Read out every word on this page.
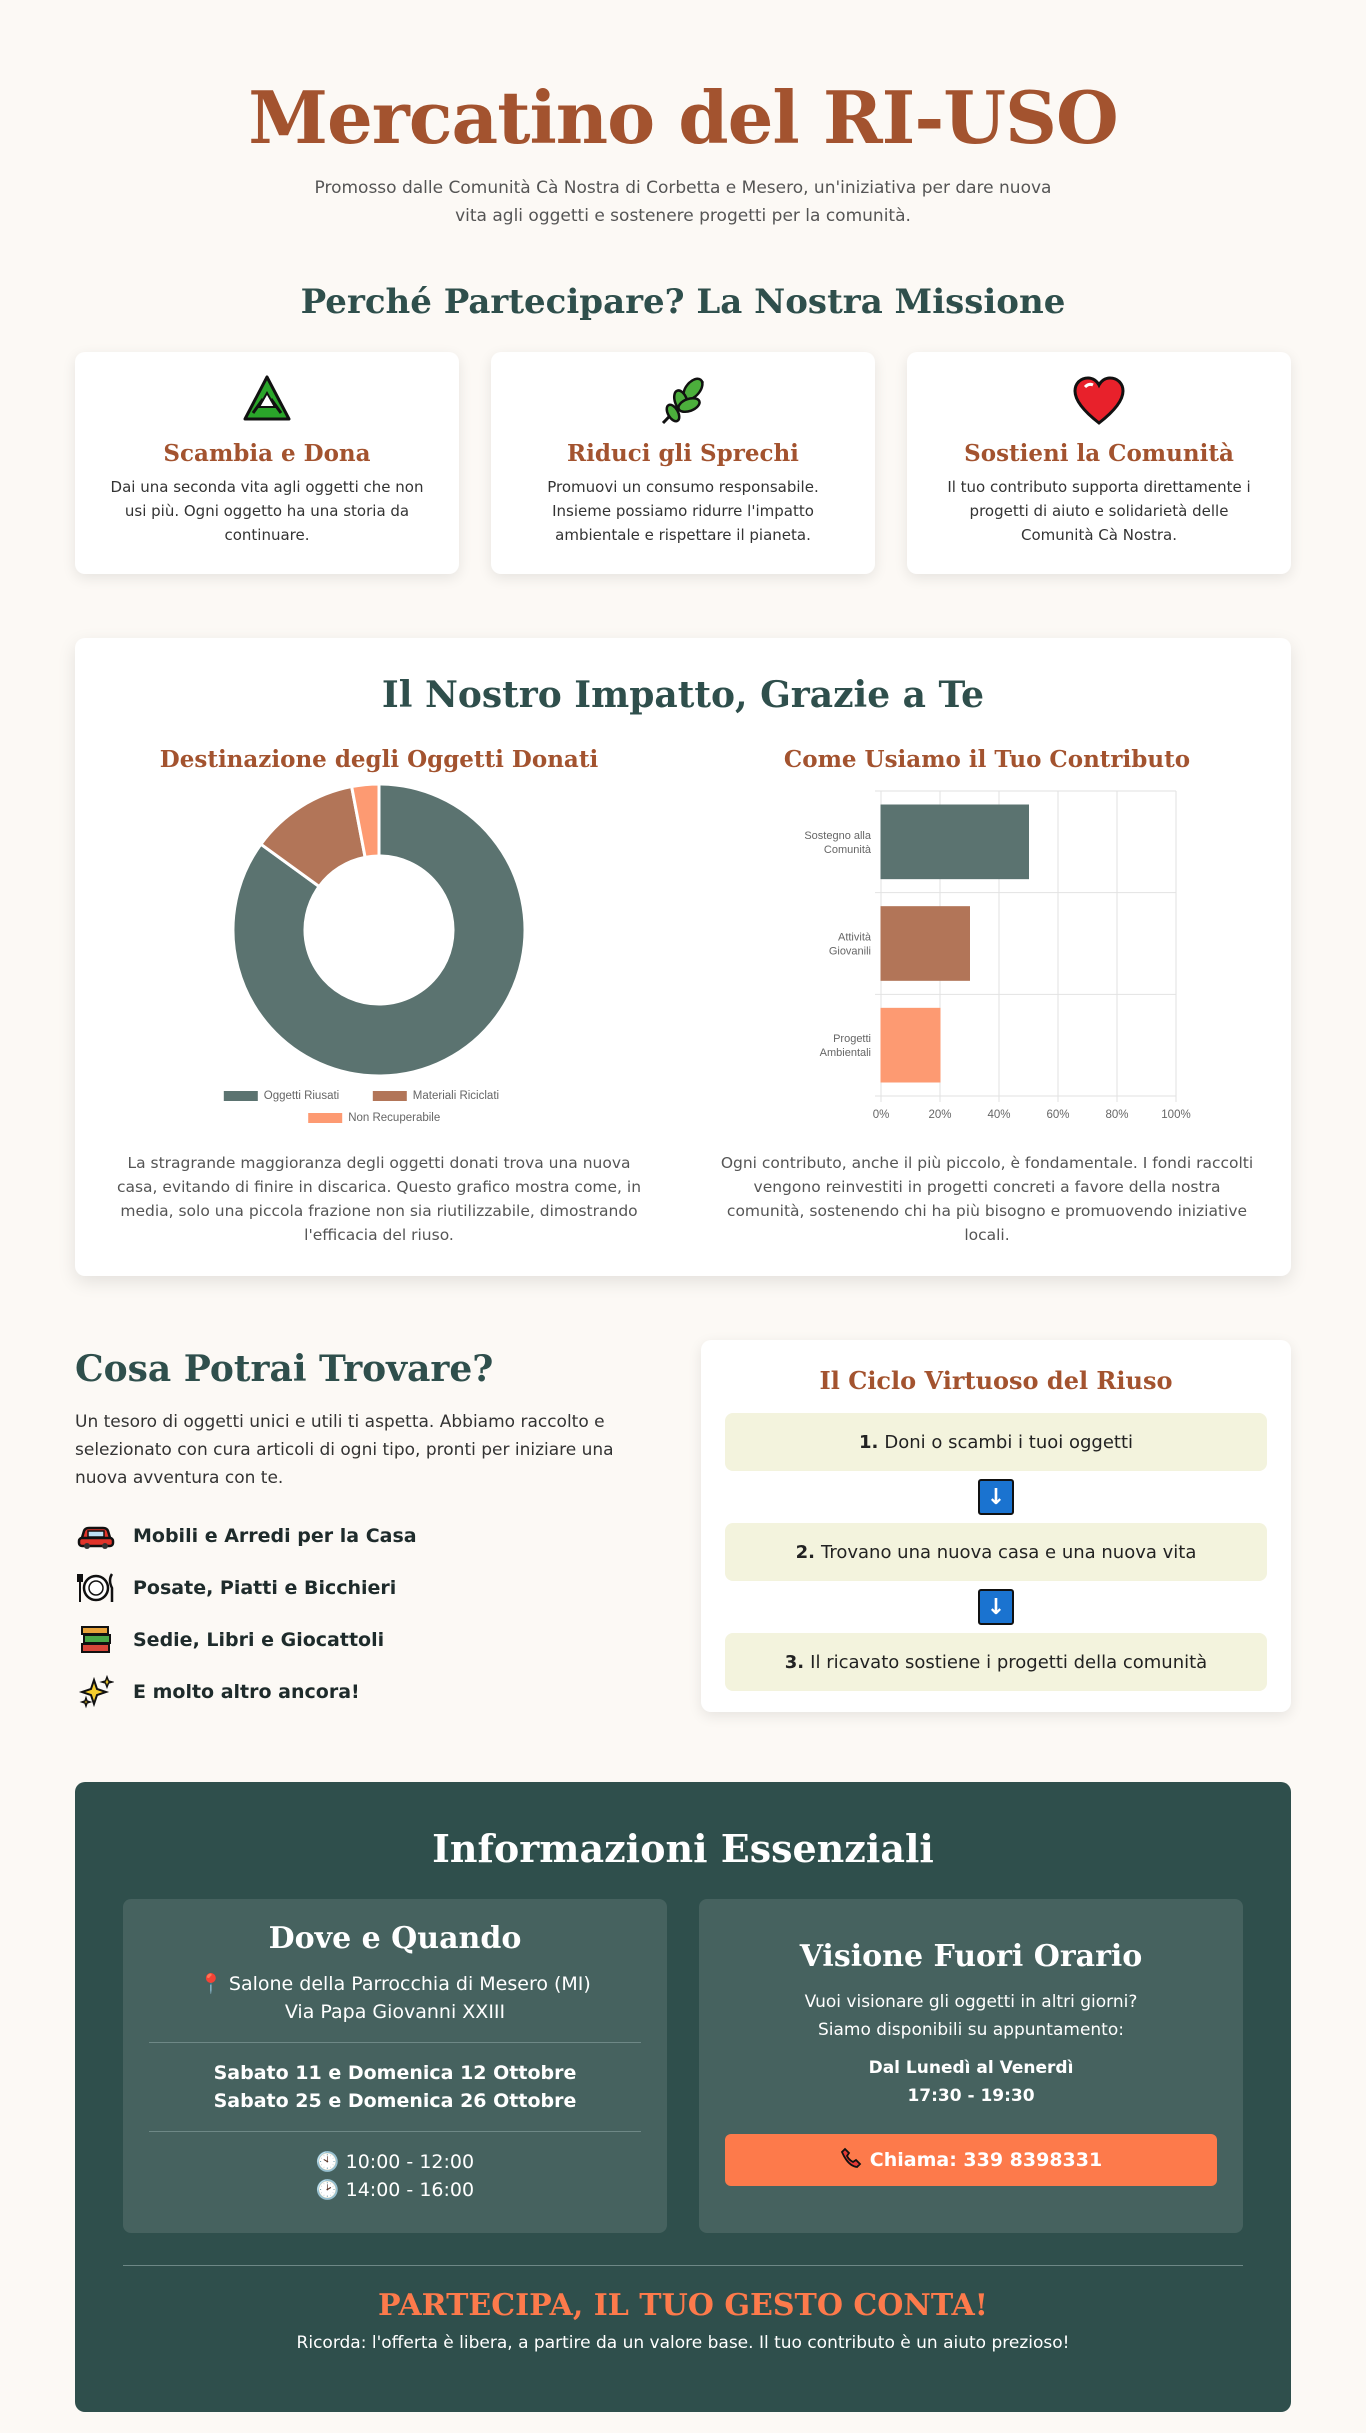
Mercatino del RI-USO

Promosso dalle Comunità Cà Nostra di Corbetta e Mesero, un'iniziativa per dare nuova vita agli oggetti e sostenere progetti per la comunità.

Perché Partecipare? La Nostra Missione
Scambia e Dona

Dai una seconda vita agli oggetti che non usi più. Ogni oggetto ha una storia da continuare.

Riduci gli Sprechi

Promuovi un consumo responsabile. Insieme possiamo ridurre l'impatto ambientale e rispettare il pianeta.

Sostieni la Comunità

Il tuo contributo supporta direttamente i progetti di aiuto e solidarietà delle Comunità Cà Nostra.

Il Nostro Impatto, Grazie a Te
Destinazione degli Oggetti Donati
Oggetti Riusati	Materiali Riciclati
Non Recuperabile

La stragrande maggioranza degli oggetti donati trova una nuova casa, evitando di finire in discarica. Questo grafico mostra come, in media, solo una piccola frazione non sia riutilizzabile, dimostrando l'efficacia del riuso.

Come Usiamo il Tuo Contributo
0%	20%	40%	60%	80%	100%
Sostegno alla
Comunità
Attività
Giovanili
Progetti
Ambientali

Ogni contributo, anche il più piccolo, è fondamentale. I fondi raccolti vengono reinvestiti in progetti concreti a favore della nostra comunità, sostenendo chi ha più bisogno e promuovendo iniziative locali.

Cosa Potrai Trovare?

Un tesoro di oggetti unici e utili ti aspetta. Abbiamo raccolto e selezionato con cura articoli di ogni tipo, pronti per iniziare una nuova avventura con te.

Mobili e Arredi per la Casa
Posate, Piatti e Bicchieri
Sedie, Libri e Giocattoli
E molto altro ancora!
Il Ciclo Virtuoso del Riuso
1. Doni o scambi i tuoi oggetti
↓
2. Trovano una nuova casa e una nuova vita
↓
3. Il ricavato sostiene i progetti della comunità
Informazioni Essenziali
Dove e Quando
📍 Salone della Parrocchia di Mesero (MI)
Via Papa Giovanni XXIII
Sabato 11 e Domenica 12 Ottobre
Sabato 25 e Domenica 26 Ottobre
🕙 10:00 - 12:00
🕑 14:00 - 16:00
Visione Fuori Orario
Vuoi visionare gli oggetti in altri giorni?
Siamo disponibili su appuntamento:
Dal Lunedì al Venerdì
17:30 - 19:30
Chiama: 339 8398331
PARTECIPA, IL TUO GESTO CONTA!

Ricorda: l'offerta è libera, a partire da un valore base. Il tuo contributo è un aiuto prezioso!
